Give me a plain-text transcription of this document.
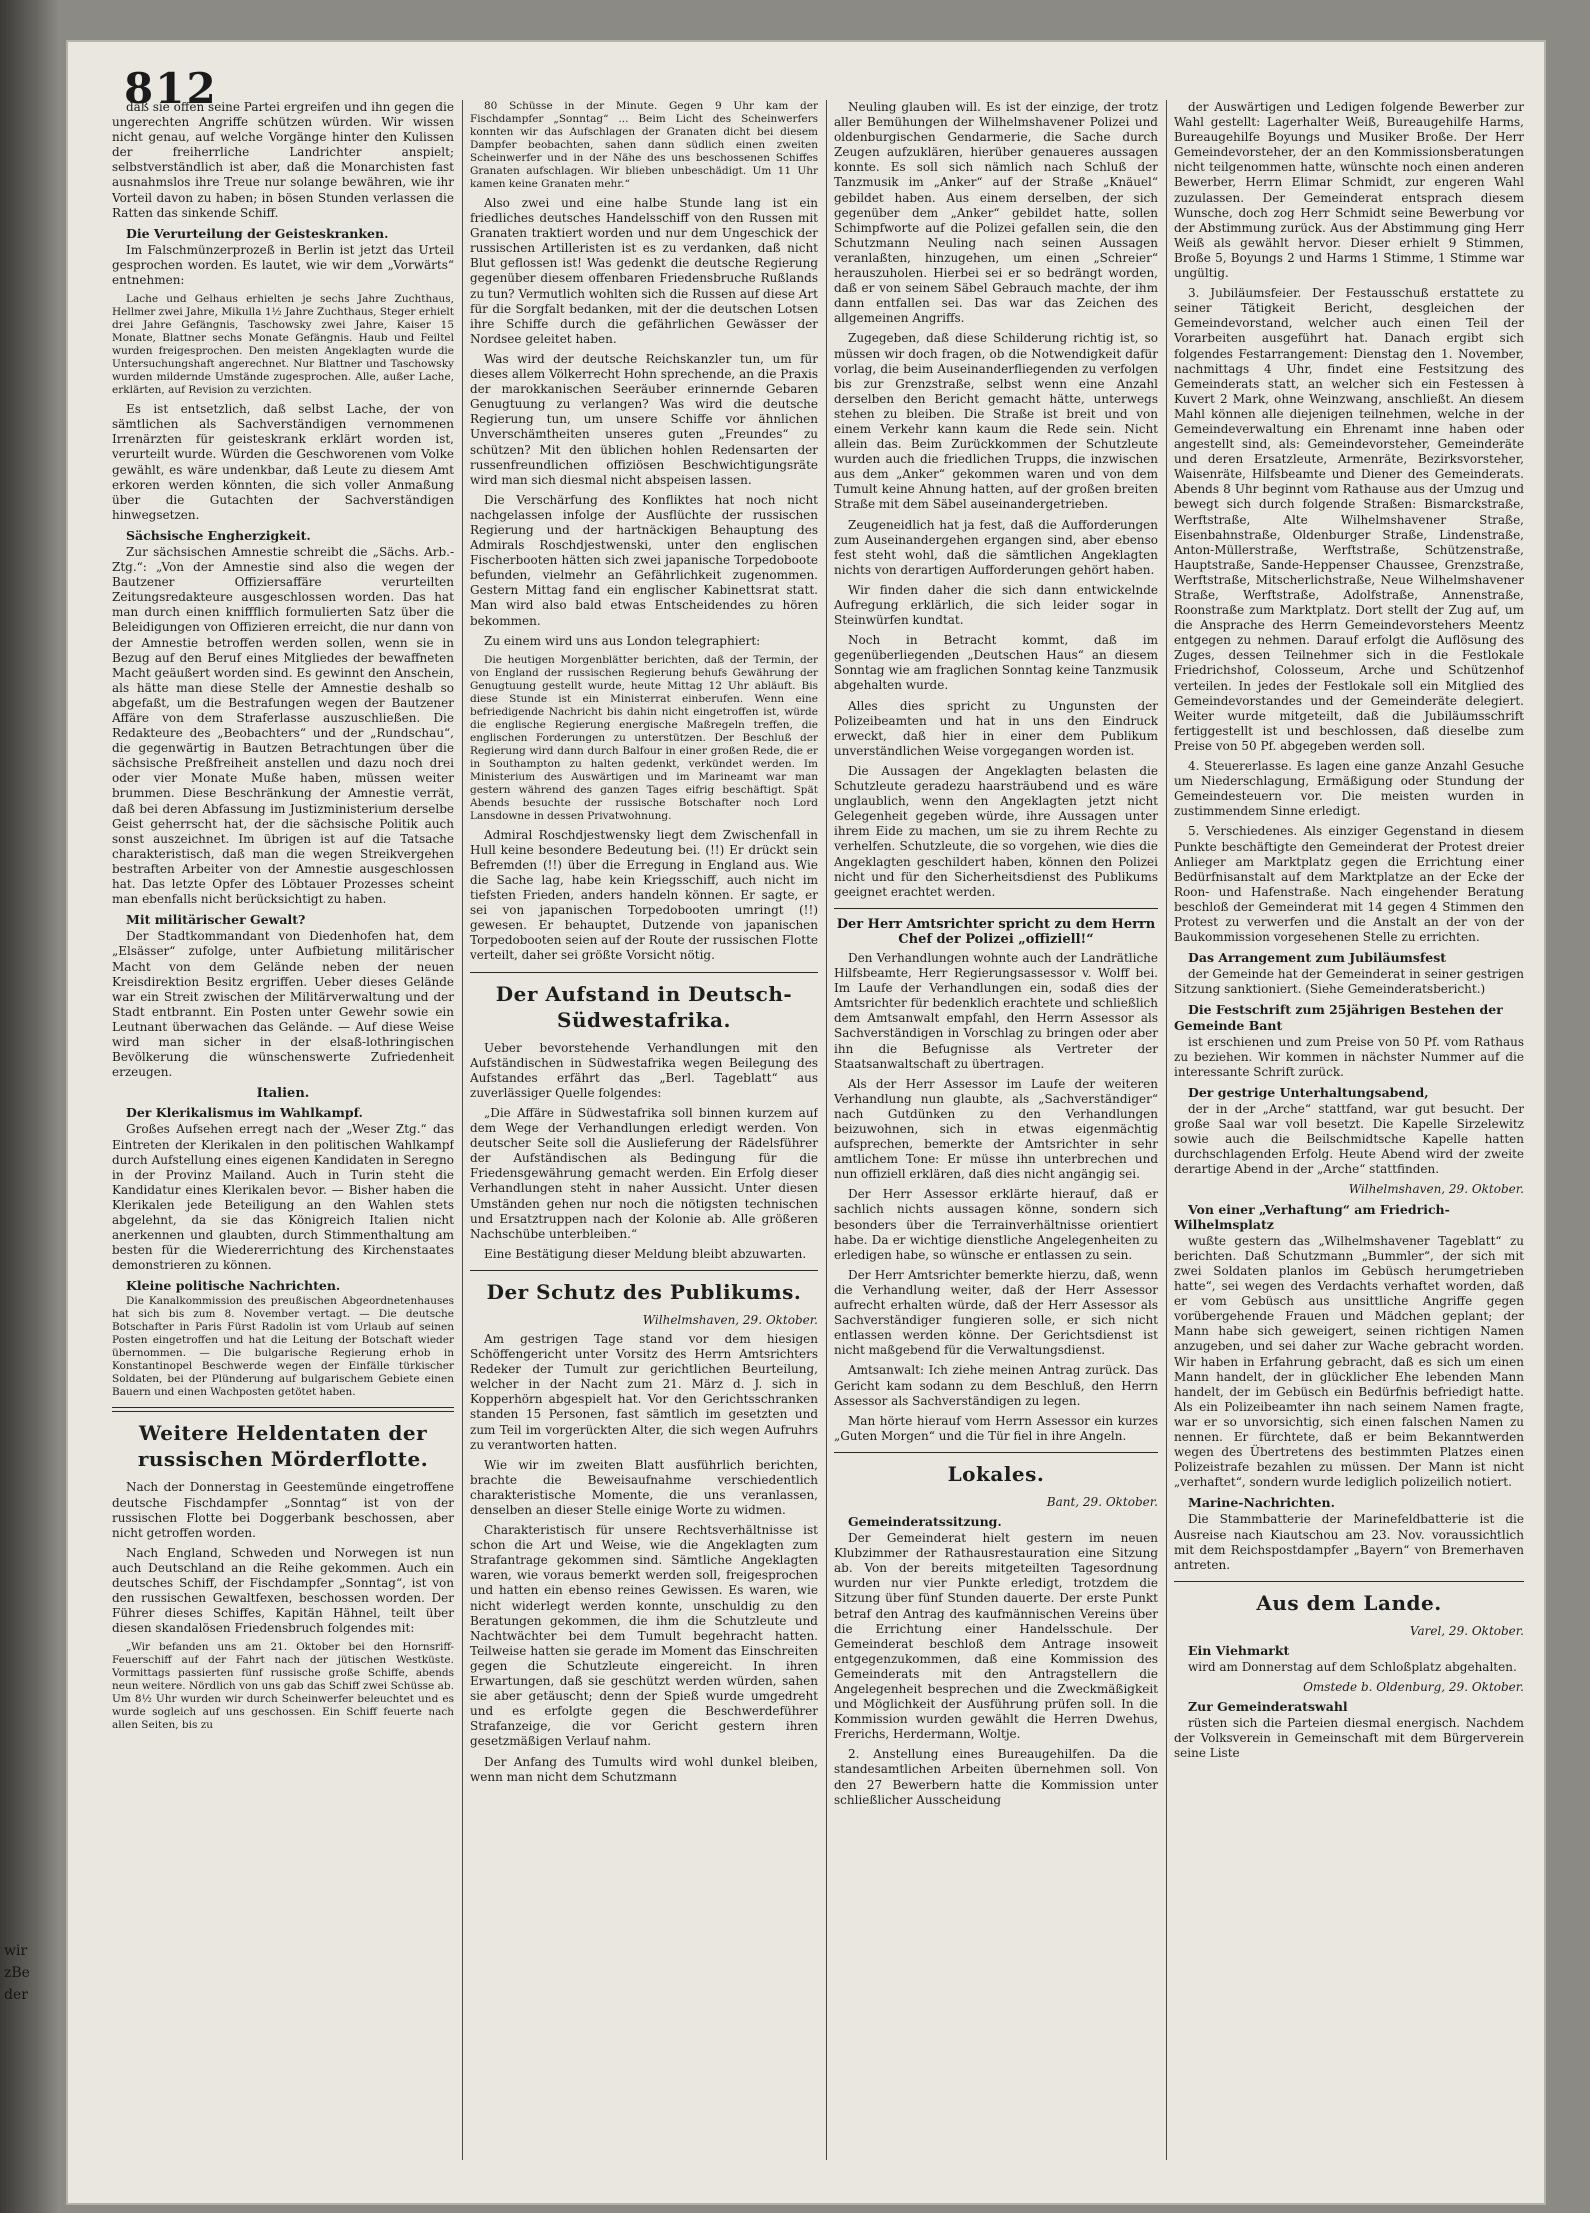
wir
zBe
der
812

daß sie offen seine Partei ergreifen und ihn gegen die ungerechten Angriffe schützen würden. Wir wissen nicht genau, auf welche Vorgänge hinter den Kulissen der freiherrliche Landrichter anspielt; selbstverständlich ist aber, daß die Monarchisten fast ausnahmslos ihre Treue nur solange bewähren, wie ihr Vorteil davon zu haben; in bösen Stunden verlassen die Ratten das sinkende Schiff.

Die Verurteilung der Geisteskranken.

Im Falschmünzerprozeß in Berlin ist jetzt das Urteil gesprochen worden. Es lautet, wie wir dem „Vorwärts“ entnehmen:

Lache und Gelhaus erhielten je sechs Jahre Zuchthaus, Hellmer zwei Jahre, Mikulla 1½ Jahre Zuchthaus, Steger erhielt drei Jahre Gefängnis, Taschowsky zwei Jahre, Kaiser 15 Monate, Blattner sechs Monate Gefängnis. Haub und Feiltel wurden freigesprochen. Den meisten Angeklagten wurde die Untersuchungshaft angerechnet. Nur Blattner und Taschowsky wurden mildernde Umstände zugesprochen. Alle, außer Lache, erklärten, auf Revision zu verzichten.

Es ist entsetzlich, daß selbst Lache, der von sämtlichen als Sachverständigen vernommenen Irrenärzten für geisteskrank erklärt worden ist, verurteilt wurde. Würden die Geschworenen vom Volke gewählt, es wäre undenkbar, daß Leute zu diesem Amt erkoren werden könnten, die sich voller Anmaßung über die Gutachten der Sachverständigen hinwegsetzen.

Sächsische Engherzigkeit.

Zur sächsischen Amnestie schreibt die „Sächs. Arb.-Ztg.“: „Von der Amnestie sind also die wegen der Bautzener Offiziersaffäre verurteilten Zeitungsredakteure ausgeschlossen worden. Das hat man durch einen kniffflich formulierten Satz über die Beleidigungen von Offizieren erreicht, die nur dann von der Amnestie betroffen werden sollen, wenn sie in Bezug auf den Beruf eines Mitgliedes der bewaffneten Macht geäußert worden sind. Es gewinnt den Anschein, als hätte man diese Stelle der Amnestie deshalb so abgefaßt, um die Bestrafungen wegen der Bautzener Affäre von dem Straferlasse auszuschließen. Die Redakteure des „Beobachters“ und der „Rundschau“, die gegenwärtig in Bautzen Betrachtungen über die sächsische Preßfreiheit anstellen und dazu noch drei oder vier Monate Muße haben, müssen weiter brummen. Diese Beschränkung der Amnestie verrät, daß bei deren Abfassung im Justizministerium derselbe Geist geherrscht hat, der die sächsische Politik auch sonst auszeichnet. Im übrigen ist auf die Tatsache charakteristisch, daß man die wegen Streikvergehen bestraften Arbeiter von der Amnestie ausgeschlossen hat. Das letzte Opfer des Löbtauer Prozesses scheint man ebenfalls nicht berücksichtigt zu haben.

Mit militärischer Gewalt?

Der Stadtkommandant von Diedenhofen hat, dem „Elsässer“ zufolge, unter Aufbietung militärischer Macht von dem Gelände neben der neuen Kreisdirektion Besitz ergriffen. Ueber dieses Gelände war ein Streit zwischen der Militärverwaltung und der Stadt entbrannt. Ein Posten unter Gewehr sowie ein Leutnant überwachen das Gelände. — Auf diese Weise wird man sicher in der elsaß-lothringischen Bevölkerung die wünschenswerte Zufriedenheit erzeugen.

Italien.
Der Klerikalismus im Wahlkampf.

Großes Aufsehen erregt nach der „Weser Ztg.“ das Eintreten der Klerikalen in den politischen Wahlkampf durch Aufstellung eines eigenen Kandidaten in Seregno in der Provinz Mailand. Auch in Turin steht die Kandidatur eines Klerikalen bevor. — Bisher haben die Klerikalen jede Beteiligung an den Wahlen stets abgelehnt, da sie das Königreich Italien nicht anerkennen und glaubten, durch Stimmenthaltung am besten für die Wiedererrichtung des Kirchenstaates demonstrieren zu können.

Kleine politische Nachrichten.

Die Kanalkommission des preußischen Abgeordnetenhauses hat sich bis zum 8. November vertagt. — Die deutsche Botschafter in Paris Fürst Radolin ist vom Urlaub auf seinen Posten eingetroffen und hat die Leitung der Botschaft wieder übernommen. — Die bulgarische Regierung erhob in Konstantinopel Beschwerde wegen der Einfälle türkischer Soldaten, bei der Plünderung auf bulgarischem Gebiete einen Bauern und einen Wachposten getötet haben.

Weitere Heldentaten der russischen Mörderflotte.

Nach der Donnerstag in Geestemünde eingetroffene deutsche Fischdampfer „Sonntag“ ist von der russischen Flotte bei Doggerbank beschossen, aber nicht getroffen worden.

Nach England, Schweden und Norwegen ist nun auch Deutschland an die Reihe gekommen. Auch ein deutsches Schiff, der Fischdampfer „Sonntag“, ist von den russischen Gewaltfexen, beschossen worden. Der Führer dieses Schiffes, Kapitän Hähnel, teilt über diesen skandalösen Friedensbruch folgendes mit:

„Wir befanden uns am 21. Oktober bei den Hornsriff-Feuerschiff auf der Fahrt nach der jütischen Westküste. Vormittags passierten fünf russische große Schiffe, abends neun weitere. Nördlich von uns gab das Schiff zwei Schüsse ab. Um 8½ Uhr wurden wir durch Scheinwerfer beleuchtet und es wurde sogleich auf uns geschossen. Ein Schiff feuerte nach allen Seiten, bis zu

80 Schüsse in der Minute. Gegen 9 Uhr kam der Fischdampfer „Sonntag“ ... Beim Licht des Scheinwerfers konnten wir das Aufschlagen der Granaten dicht bei diesem Dampfer beobachten, sahen dann südlich einen zweiten Scheinwerfer und in der Nähe des uns beschossenen Schiffes Granaten aufschlagen. Wir blieben unbeschädigt. Um 11 Uhr kamen keine Granaten mehr.“

Also zwei und eine halbe Stunde lang ist ein friedliches deutsches Handelsschiff von den Russen mit Granaten traktiert worden und nur dem Ungeschick der russischen Artilleristen ist es zu verdanken, daß nicht Blut geflossen ist! Was gedenkt die deutsche Regierung gegenüber diesem offenbaren Friedensbruche Rußlands zu tun? Vermutlich wohlten sich die Russen auf diese Art für die Sorgfalt bedanken, mit der die deutschen Lotsen ihre Schiffe durch die gefährlichen Gewässer der Nordsee geleitet haben.

Was wird der deutsche Reichskanzler tun, um für dieses allem Völkerrecht Hohn sprechende, an die Praxis der marokkanischen Seeräuber erinnernde Gebaren Genugtuung zu verlangen? Was wird die deutsche Regierung tun, um unsere Schiffe vor ähnlichen Unverschämtheiten unseres guten „Freundes“ zu schützen? Mit den üblichen hohlen Redensarten der russenfreundlichen offiziösen Beschwichtigungsräte wird man sich diesmal nicht abspeisen lassen.

Die Verschärfung des Konfliktes hat noch nicht nachgelassen infolge der Ausflüchte der russischen Regierung und der hartnäckigen Behauptung des Admirals Roschdjestwenski, unter den englischen Fischerbooten hätten sich zwei japanische Torpedoboote befunden, vielmehr an Gefährlichkeit zugenommen. Gestern Mittag fand ein englischer Kabinettsrat statt. Man wird also bald etwas Entscheidendes zu hören bekommen.

Zu einem wird uns aus London telegraphiert:

Die heutigen Morgenblätter berichten, daß der Termin, der von England der russischen Regierung behufs Gewährung der Genugtuung gestellt wurde, heute Mittag 12 Uhr abläuft. Bis diese Stunde ist ein Ministerrat einberufen. Wenn eine befriedigende Nachricht bis dahin nicht eingetroffen ist, würde die englische Regierung energische Maßregeln treffen, die englischen Forderungen zu unterstützen. Der Beschluß der Regierung wird dann durch Balfour in einer großen Rede, die er in Southampton zu halten gedenkt, verkündet werden. Im Ministerium des Auswärtigen und im Marineamt war man gestern während des ganzen Tages eifrig beschäftigt. Spät Abends besuchte der russische Botschafter noch Lord Lansdowne in dessen Privatwohnung.

Admiral Roschdjestwensky liegt dem Zwischenfall in Hull keine besondere Bedeutung bei. (!!) Er drückt sein Befremden (!!) über die Erregung in England aus. Wie die Sache lag, habe kein Kriegsschiff, auch nicht im tiefsten Frieden, anders handeln können. Er sagte, er sei von japanischen Torpedobooten umringt (!!) gewesen. Er behauptet, Dutzende von japanischen Torpedobooten seien auf der Route der russischen Flotte verteilt, daher sei größte Vorsicht nötig.

Der Aufstand in Deutsch-Südwestafrika.

Ueber bevorstehende Verhandlungen mit den Aufständischen in Südwestafrika wegen Beilegung des Aufstandes erfährt das „Berl. Tageblatt“ aus zuverlässiger Quelle folgendes:

„Die Affäre in Südwestafrika soll binnen kurzem auf dem Wege der Verhandlungen erledigt werden. Von deutscher Seite soll die Auslieferung der Rädelsführer der Aufständischen als Bedingung für die Friedensgewährung gemacht werden. Ein Erfolg dieser Verhandlungen steht in naher Aussicht. Unter diesen Umständen gehen nur noch die nötigsten technischen und Ersatztruppen nach der Kolonie ab. Alle größeren Nachschübe unterbleiben.“

Eine Bestätigung dieser Meldung bleibt abzuwarten.

Der Schutz des Publikums.
Wilhelmshaven, 29. Oktober.

Am gestrigen Tage stand vor dem hiesigen Schöffengericht unter Vorsitz des Herrn Amtsrichters Redeker der Tumult zur gerichtlichen Beurteilung, welcher in der Nacht zum 21. März d. J. sich in Kopperhörn abgespielt hat. Vor den Gerichtsschranken standen 15 Personen, fast sämtlich im gesetzten und zum Teil im vorgerückten Alter, die sich wegen Aufruhrs zu verantworten hatten.

Wie wir im zweiten Blatt ausführlich berichten, brachte die Beweisaufnahme verschiedentlich charakteristische Momente, die uns veranlassen, denselben an dieser Stelle einige Worte zu widmen.

Charakteristisch für unsere Rechtsverhältnisse ist schon die Art und Weise, wie die Angeklagten zum Strafantrage gekommen sind. Sämtliche Angeklagten waren, wie voraus bemerkt werden soll, freigesprochen und hatten ein ebenso reines Gewissen. Es waren, wie nicht widerlegt werden konnte, unschuldig zu den Beratungen gekommen, die ihm die Schutzleute und Nachtwächter bei dem Tumult begehracht hatten. Teilweise hatten sie gerade im Moment das Einschreiten gegen die Schutzleute eingereicht. In ihren Erwartungen, daß sie geschützt werden würden, sahen sie aber getäuscht; denn der Spieß wurde umgedreht und es erfolgte gegen die Beschwerdeführer Strafanzeige, die vor Gericht gestern ihren gesetzmäßigen Verlauf nahm.

Der Anfang des Tumults wird wohl dunkel bleiben, wenn man nicht dem Schutzmann

Neuling glauben will. Es ist der einzige, der trotz aller Bemühungen der Wilhelmshavener Polizei und oldenburgischen Gendarmerie, die Sache durch Zeugen aufzuklären, hierüber genaueres aussagen konnte. Es soll sich nämlich nach Schluß der Tanzmusik im „Anker“ auf der Straße „Knäuel“ gebildet haben. Aus einem derselben, der sich gegenüber dem „Anker“ gebildet hatte, sollen Schimpfworte auf die Polizei gefallen sein, die den Schutzmann Neuling nach seinen Aussagen veranlaßten, hinzugehen, um einen „Schreier“ herauszuholen. Hierbei sei er so bedrängt worden, daß er von seinem Säbel Gebrauch machte, der ihm dann entfallen sei. Das war das Zeichen des allgemeinen Angriffs.

Zugegeben, daß diese Schilderung richtig ist, so müssen wir doch fragen, ob die Notwendigkeit dafür vorlag, die beim Auseinanderfliegenden zu verfolgen bis zur Grenzstraße, selbst wenn eine Anzahl derselben den Bericht gemacht hätte, unterwegs stehen zu bleiben. Die Straße ist breit und von einem Verkehr kann kaum die Rede sein. Nicht allein das. Beim Zurückkommen der Schutzleute wurden auch die friedlichen Trupps, die inzwischen aus dem „Anker“ gekommen waren und von dem Tumult keine Ahnung hatten, auf der großen breiten Straße mit dem Säbel auseinandergetrieben.

Zeugeneidlich hat ja fest, daß die Aufforderungen zum Auseinandergehen ergangen sind, aber ebenso fest steht wohl, daß die sämtlichen Angeklagten nichts von derartigen Aufforderungen gehört haben.

Wir finden daher die sich dann entwickelnde Aufregung erklärlich, die sich leider sogar in Steinwürfen kundtat.

Noch in Betracht kommt, daß im gegenüberliegenden „Deutschen Haus“ an diesem Sonntag wie am fraglichen Sonntag keine Tanzmusik abgehalten wurde.

Alles dies spricht zu Ungunsten der Polizeibeamten und hat in uns den Eindruck erweckt, daß hier in einer dem Publikum unverständlichen Weise vorgegangen worden ist.

Die Aussagen der Angeklagten belasten die Schutzleute geradezu haarsträubend und es wäre unglaublich, wenn den Angeklagten jetzt nicht Gelegenheit gegeben würde, ihre Aussagen unter ihrem Eide zu machen, um sie zu ihrem Rechte zu verhelfen. Schutzleute, die so vorgehen, wie dies die Angeklagten geschildert haben, können den Polizei nicht und für den Sicherheitsdienst des Publikums geeignet erachtet werden.

Der Herr Amtsrichter spricht zu dem Herrn Chef der Polizei „offiziell!“

Den Verhandlungen wohnte auch der Landrätliche Hilfsbeamte, Herr Regierungsassessor v. Wolff bei. Im Laufe der Verhandlungen ein, sodaß dies der Amtsrichter für bedenklich erachtete und schließlich dem Amtsanwalt empfahl, den Herrn Assessor als Sachverständigen in Vorschlag zu bringen oder aber ihn die Befugnisse als Vertreter der Staatsanwaltschaft zu übertragen.

Als der Herr Assessor im Laufe der weiteren Verhandlung nun glaubte, als „Sachverständiger“ nach Gutdünken zu den Verhandlungen beizuwohnen, sich in etwas eigenmächtig aufsprechen, bemerkte der Amtsrichter in sehr amtlichem Tone: Er müsse ihn unterbrechen und nun offiziell erklären, daß dies nicht angängig sei.

Der Herr Assessor erklärte hierauf, daß er sachlich nichts aussagen könne, sondern sich besonders über die Terrainverhältnisse orientiert habe. Da er wichtige dienstliche Angelegenheiten zu erledigen habe, so wünsche er entlassen zu sein.

Der Herr Amtsrichter bemerkte hierzu, daß, wenn die Verhandlung weiter, daß der Herr Assessor aufrecht erhalten würde, daß der Herr Assessor als Sachverständiger fungieren solle, er sich nicht entlassen werden könne. Der Gerichtsdienst ist nicht maßgebend für die Verwaltungsdienst.

Amtsanwalt: Ich ziehe meinen Antrag zurück. Das Gericht kam sodann zu dem Beschluß, den Herrn Assessor als Sachverständigen zu legen.

Man hörte hierauf vom Herrn Assessor ein kurzes „Guten Morgen“ und die Tür fiel in ihre Angeln.

Lokales.
Bant, 29. Oktober.
Gemeinderatssitzung.

Der Gemeinderat hielt gestern im neuen Klubzimmer der Rathausrestauration eine Sitzung ab. Von der bereits mitgeteilten Tagesordnung wurden nur vier Punkte erledigt, trotzdem die Sitzung über fünf Stunden dauerte. Der erste Punkt betraf den Antrag des kaufmännischen Vereins über die Errichtung einer Handelsschule. Der Gemeinderat beschloß dem Antrage insoweit entgegenzukommen, daß eine Kommission des Gemeinderats mit den Antragstellern die Angelegenheit besprechen und die Zweckmäßigkeit und Möglichkeit der Ausführung prüfen soll. In die Kommission wurden gewählt die Herren Dwehus, Frerichs, Herdermann, Woltje.

2. Anstellung eines Bureaugehilfen. Da die standesamtlichen Arbeiten übernehmen soll. Von den 27 Bewerbern hatte die Kommission unter schließlicher Ausscheidung

der Auswärtigen und Ledigen folgende Bewerber zur Wahl gestellt: Lagerhalter Weiß, Bureaugehilfe Harms, Bureaugehilfe Boyungs und Musiker Broße. Der Herr Gemeindevorsteher, der an den Kommissionsberatungen nicht teilgenommen hatte, wünschte noch einen anderen Bewerber, Herrn Elimar Schmidt, zur engeren Wahl zuzulassen. Der Gemeinderat entsprach diesem Wunsche, doch zog Herr Schmidt seine Bewerbung vor der Abstimmung zurück. Aus der Abstimmung ging Herr Weiß als gewählt hervor. Dieser erhielt 9 Stimmen, Broße 5, Boyungs 2 und Harms 1 Stimme, 1 Stimme war ungültig.

3. Jubiläumsfeier. Der Festausschuß erstattete zu seiner Tätigkeit Bericht, desgleichen der Gemeindevorstand, welcher auch einen Teil der Vorarbeiten ausgeführt hat. Danach ergibt sich folgendes Festarrangement: Dienstag den 1. November, nachmittags 4 Uhr, findet eine Festsitzung des Gemeinderats statt, an welcher sich ein Festessen à Kuvert 2 Mark, ohne Weinzwang, anschließt. An diesem Mahl können alle diejenigen teilnehmen, welche in der Gemeindeverwaltung ein Ehrenamt inne haben oder angestellt sind, als: Gemeindevorsteher, Gemeinderäte und deren Ersatzleute, Armenräte, Bezirksvorsteher, Waisenräte, Hilfsbeamte und Diener des Gemeinderats. Abends 8 Uhr beginnt vom Rathause aus der Umzug und bewegt sich durch folgende Straßen: Bismarckstraße, Werftstraße, Alte Wilhelmshavener Straße, Eisenbahnstraße, Oldenburger Straße, Lindenstraße, Anton-Müllerstraße, Werftstraße, Schützenstraße, Hauptstraße, Sande-Heppenser Chaussee, Grenzstraße, Werftstraße, Mitscherlichstraße, Neue Wilhelmshavener Straße, Werftstraße, Adolfstraße, Annenstraße, Roonstraße zum Marktplatz. Dort stellt der Zug auf, um die Ansprache des Herrn Gemeindevorstehers Meentz entgegen zu nehmen. Darauf erfolgt die Auflösung des Zuges, dessen Teilnehmer sich in die Festlokale Friedrichshof, Colosseum, Arche und Schützenhof verteilen. In jedes der Festlokale soll ein Mitglied des Gemeindevorstandes und der Gemeinderäte delegiert. Weiter wurde mitgeteilt, daß die Jubiläumsschrift fertiggestellt ist und beschlossen, daß dieselbe zum Preise von 50 Pf. abgegeben werden soll.

4. Steuererlasse. Es lagen eine ganze Anzahl Gesuche um Niederschlagung, Ermäßigung oder Stundung der Gemeindesteuern vor. Die meisten wurden in zustimmendem Sinne erledigt.

5. Verschiedenes. Als einziger Gegenstand in diesem Punkte beschäftigte den Gemeinderat der Protest dreier Anlieger am Marktplatz gegen die Errichtung einer Bedürfnisanstalt auf dem Marktplatze an der Ecke der Roon- und Hafenstraße. Nach eingehender Beratung beschloß der Gemeinderat mit 14 gegen 4 Stimmen den Protest zu verwerfen und die Anstalt an der von der Baukommission vorgesehenen Stelle zu errichten.

Das Arrangement zum Jubiläumsfest

der Gemeinde hat der Gemeinderat in seiner gestrigen Sitzung sanktioniert. (Siehe Gemeinderatsbericht.)

Die Festschrift zum 25jährigen Bestehen der Gemeinde Bant

ist erschienen und zum Preise von 50 Pf. vom Rathaus zu beziehen. Wir kommen in nächster Nummer auf die interessante Schrift zurück.

Der gestrige Unterhaltungsabend,

der in der „Arche“ stattfand, war gut besucht. Der große Saal war voll besetzt. Die Kapelle Sirzelewitz sowie auch die Beilschmidtsche Kapelle hatten durchschlagenden Erfolg. Heute Abend wird der zweite derartige Abend in der „Arche“ stattfinden.

Wilhelmshaven, 29. Oktober.
Von einer „Verhaftung“ am Friedrich-Wilhelmsplatz

wußte gestern das „Wilhelmshavener Tageblatt“ zu berichten. Daß Schutzmann „Bummler“, der sich mit zwei Soldaten planlos im Gebüsch herumgetrieben hatte“, sei wegen des Verdachts verhaftet worden, daß er vom Gebüsch aus unsittliche Angriffe gegen vorübergehende Frauen und Mädchen geplant; der Mann habe sich geweigert, seinen richtigen Namen anzugeben, und sei daher zur Wache gebracht worden. Wir haben in Erfahrung gebracht, daß es sich um einen Mann handelt, der in glücklicher Ehe lebenden Mann handelt, der im Gebüsch ein Bedürfnis befriedigt hatte. Als ein Polizeibeamter ihn nach seinem Namen fragte, war er so unvorsichtig, sich einen falschen Namen zu nennen. Er fürchtete, daß er beim Bekanntwerden wegen des Übertretens des bestimmten Platzes einen Polizeistrafe bezahlen zu müssen. Der Mann ist nicht „verhaftet“, sondern wurde lediglich polizeilich notiert.

Marine-Nachrichten.

Die Stammbatterie der Marinefeldbatterie ist die Ausreise nach Kiautschou am 23. Nov. voraussichtlich mit dem Reichspostdampfer „Bayern“ von Bremerhaven antreten.

Aus dem Lande.
Varel, 29. Oktober.
Ein Viehmarkt

wird am Donnerstag auf dem Schloßplatz abgehalten.

Omstede b. Oldenburg, 29. Oktober.
Zur Gemeinderatswahl

rüsten sich die Parteien diesmal energisch. Nachdem der Volksverein in Gemeinschaft mit dem Bürgerverein seine Liste
